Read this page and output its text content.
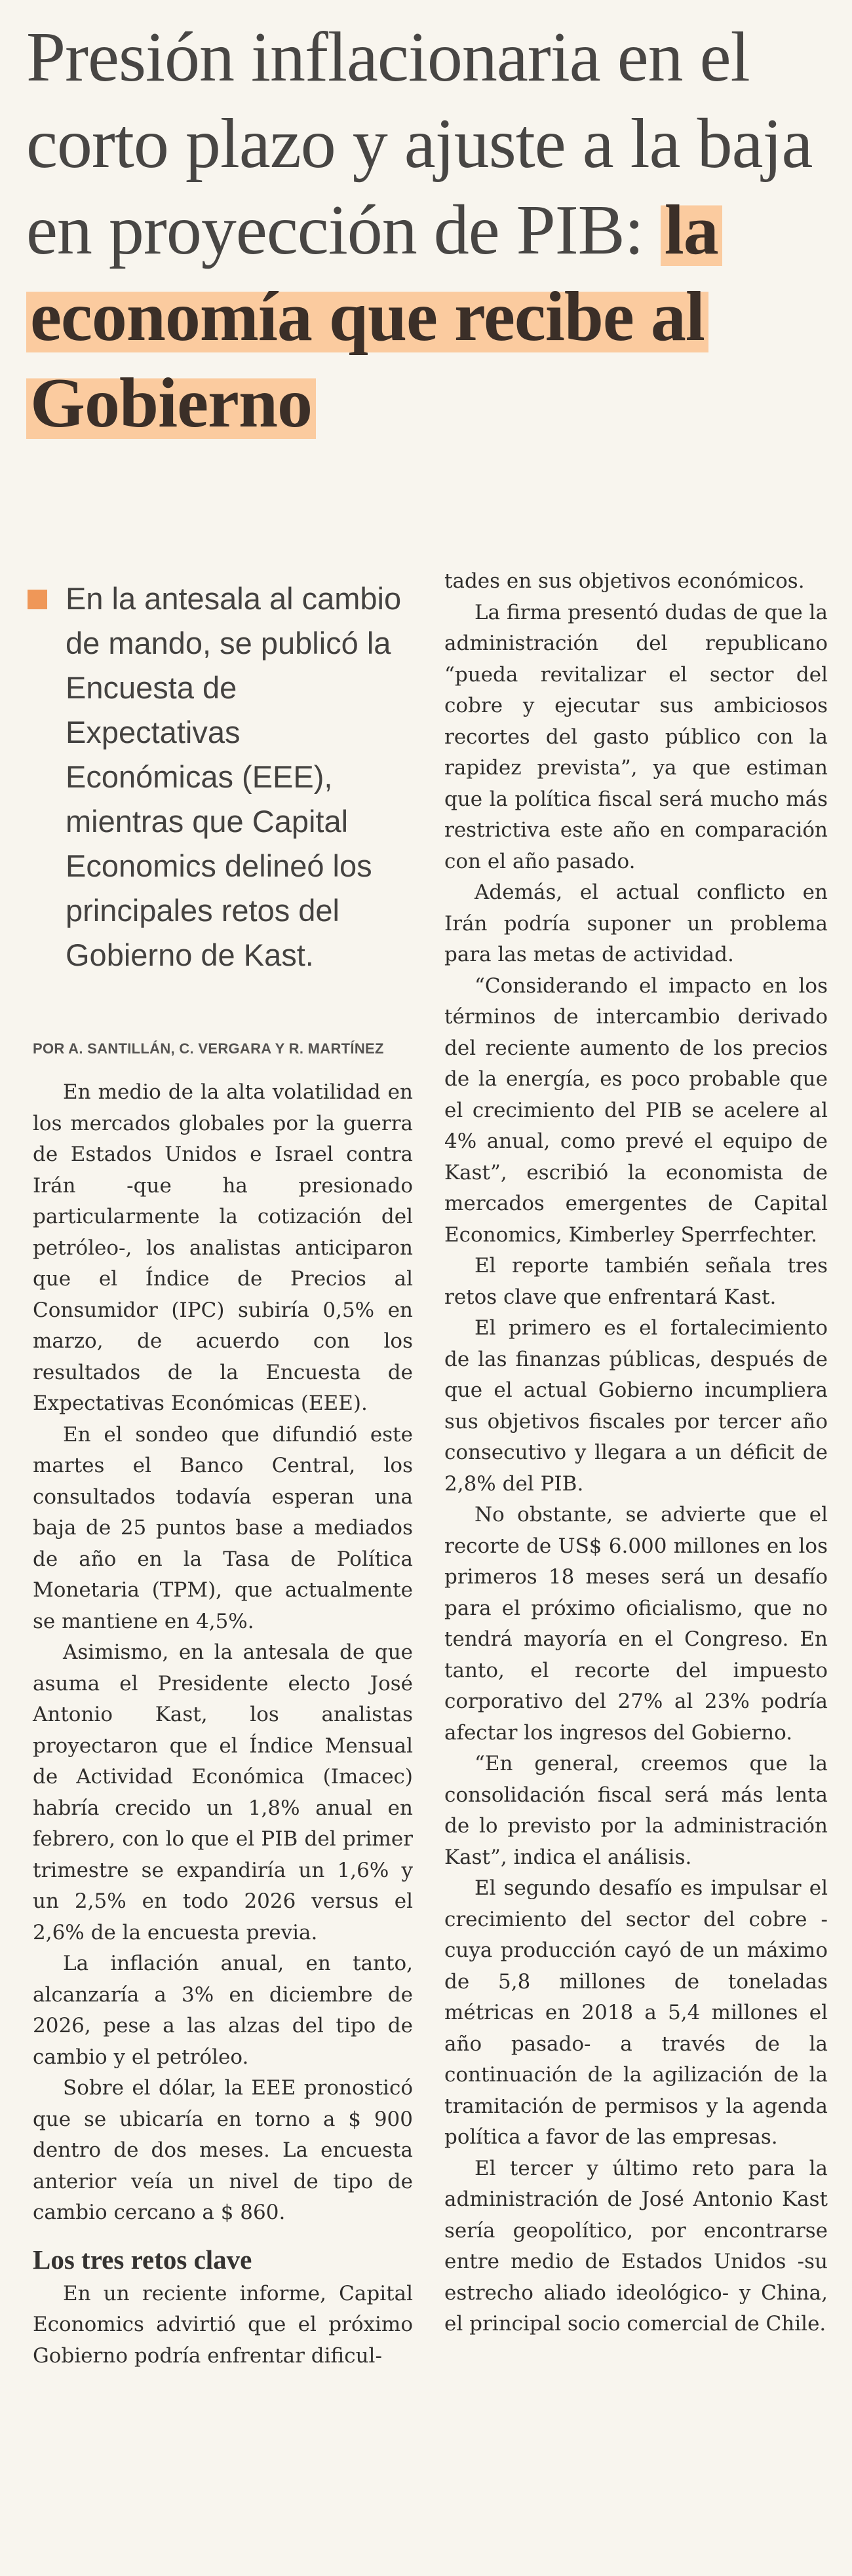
Presión inflacionaria en el corto plazo y ajuste a la baja en proyección de PIB: la economía que recibe al Gobierno
En la antesala al cambio de mando, se publicó la Encuesta de Expectativas Económicas (EEE), mientras que Capital Economics delineó los principales retos del Gobierno de Kast.
POR A. SANTILLÁN, C. VERGARA Y R. MARTÍNEZ

En medio de la alta volatilidad en los mercados globales por la guerra de Estados Unidos e Israel contra Irán -que ha presionado particularmente la cotización del petróleo-, los analistas anticiparon que el Índice de Precios al Consumidor (IPC) subiría 0,5% en marzo, de acuerdo con los resultados de la Encuesta de Expectativas Económicas (EEE).

En el sondeo que difundió este martes el Banco Central, los consultados todavía esperan una baja de 25 puntos base a mediados de año en la Tasa de Política Monetaria (TPM), que actualmente se mantiene en 4,5%.

Asimismo, en la antesala de que asuma el Presidente electo José Antonio Kast, los analistas proyectaron que el Índice Mensual de Actividad Económica (Imacec) habría crecido un 1,8% anual en febrero, con lo que el PIB del primer trimestre se expandiría un 1,6% y un 2,5% en todo 2026 versus el 2,6% de la encuesta previa.

La inflación anual, en tanto, alcanzaría a 3% en diciembre de 2026, pese a las alzas del tipo de cambio y el petróleo.

Sobre el dólar, la EEE pronosticó que se ubicaría en torno a $ 900 dentro de dos meses. La encuesta anterior veía un nivel de tipo de cambio cercano a $ 860.

Los tres retos clave

En un reciente informe, Capital Economics advirtió que el próximo Gobierno podría enfrentar dificul-

tades en sus objetivos económicos.

La firma presentó dudas de que la administración del republicano “pueda revitalizar el sector del cobre y ejecutar sus ambiciosos recortes del gasto público con la rapidez prevista”, ya que estiman que la política fiscal será mucho más restrictiva este año en comparación con el año pasado.

Además, el actual conflicto en Irán podría suponer un problema para las metas de actividad.

“Considerando el impacto en los términos de intercambio derivado del reciente aumento de los precios de la energía, es poco probable que el crecimiento del PIB se acelere al 4% anual, como prevé el equipo de Kast”, escribió la economista de mercados emergentes de Capital Economics, Kimberley Sperrfechter.

El reporte también señala tres retos clave que enfrentará Kast.

El primero es el fortalecimiento de las finanzas públicas, después de que el actual Gobierno incumpliera sus objetivos fiscales por tercer año consecutivo y llegara a un déficit de 2,8% del PIB.

No obstante, se advierte que el recorte de US$ 6.000 millones en los primeros 18 meses será un desafío para el próximo oficialismo, que no tendrá mayoría en el Congreso. En tanto, el recorte del impuesto corporativo del 27% al 23% podría afectar los ingresos del Gobierno.

“En general, creemos que la consolidación fiscal será más lenta de lo previsto por la administración Kast”, indica el análisis.

El segundo desafío es impulsar el crecimiento del sector del cobre -cuya producción cayó de un máximo de 5,8 millones de toneladas métricas en 2018 a 5,4 millones el año pasado- a través de la continuación de la agilización de la tramitación de permisos y la agenda política a favor de las empresas.

El tercer y último reto para la administración de José Antonio Kast sería geopolítico, por encontrarse entre medio de Estados Unidos -su estrecho aliado ideológico- y China, el principal socio comercial de Chile.
